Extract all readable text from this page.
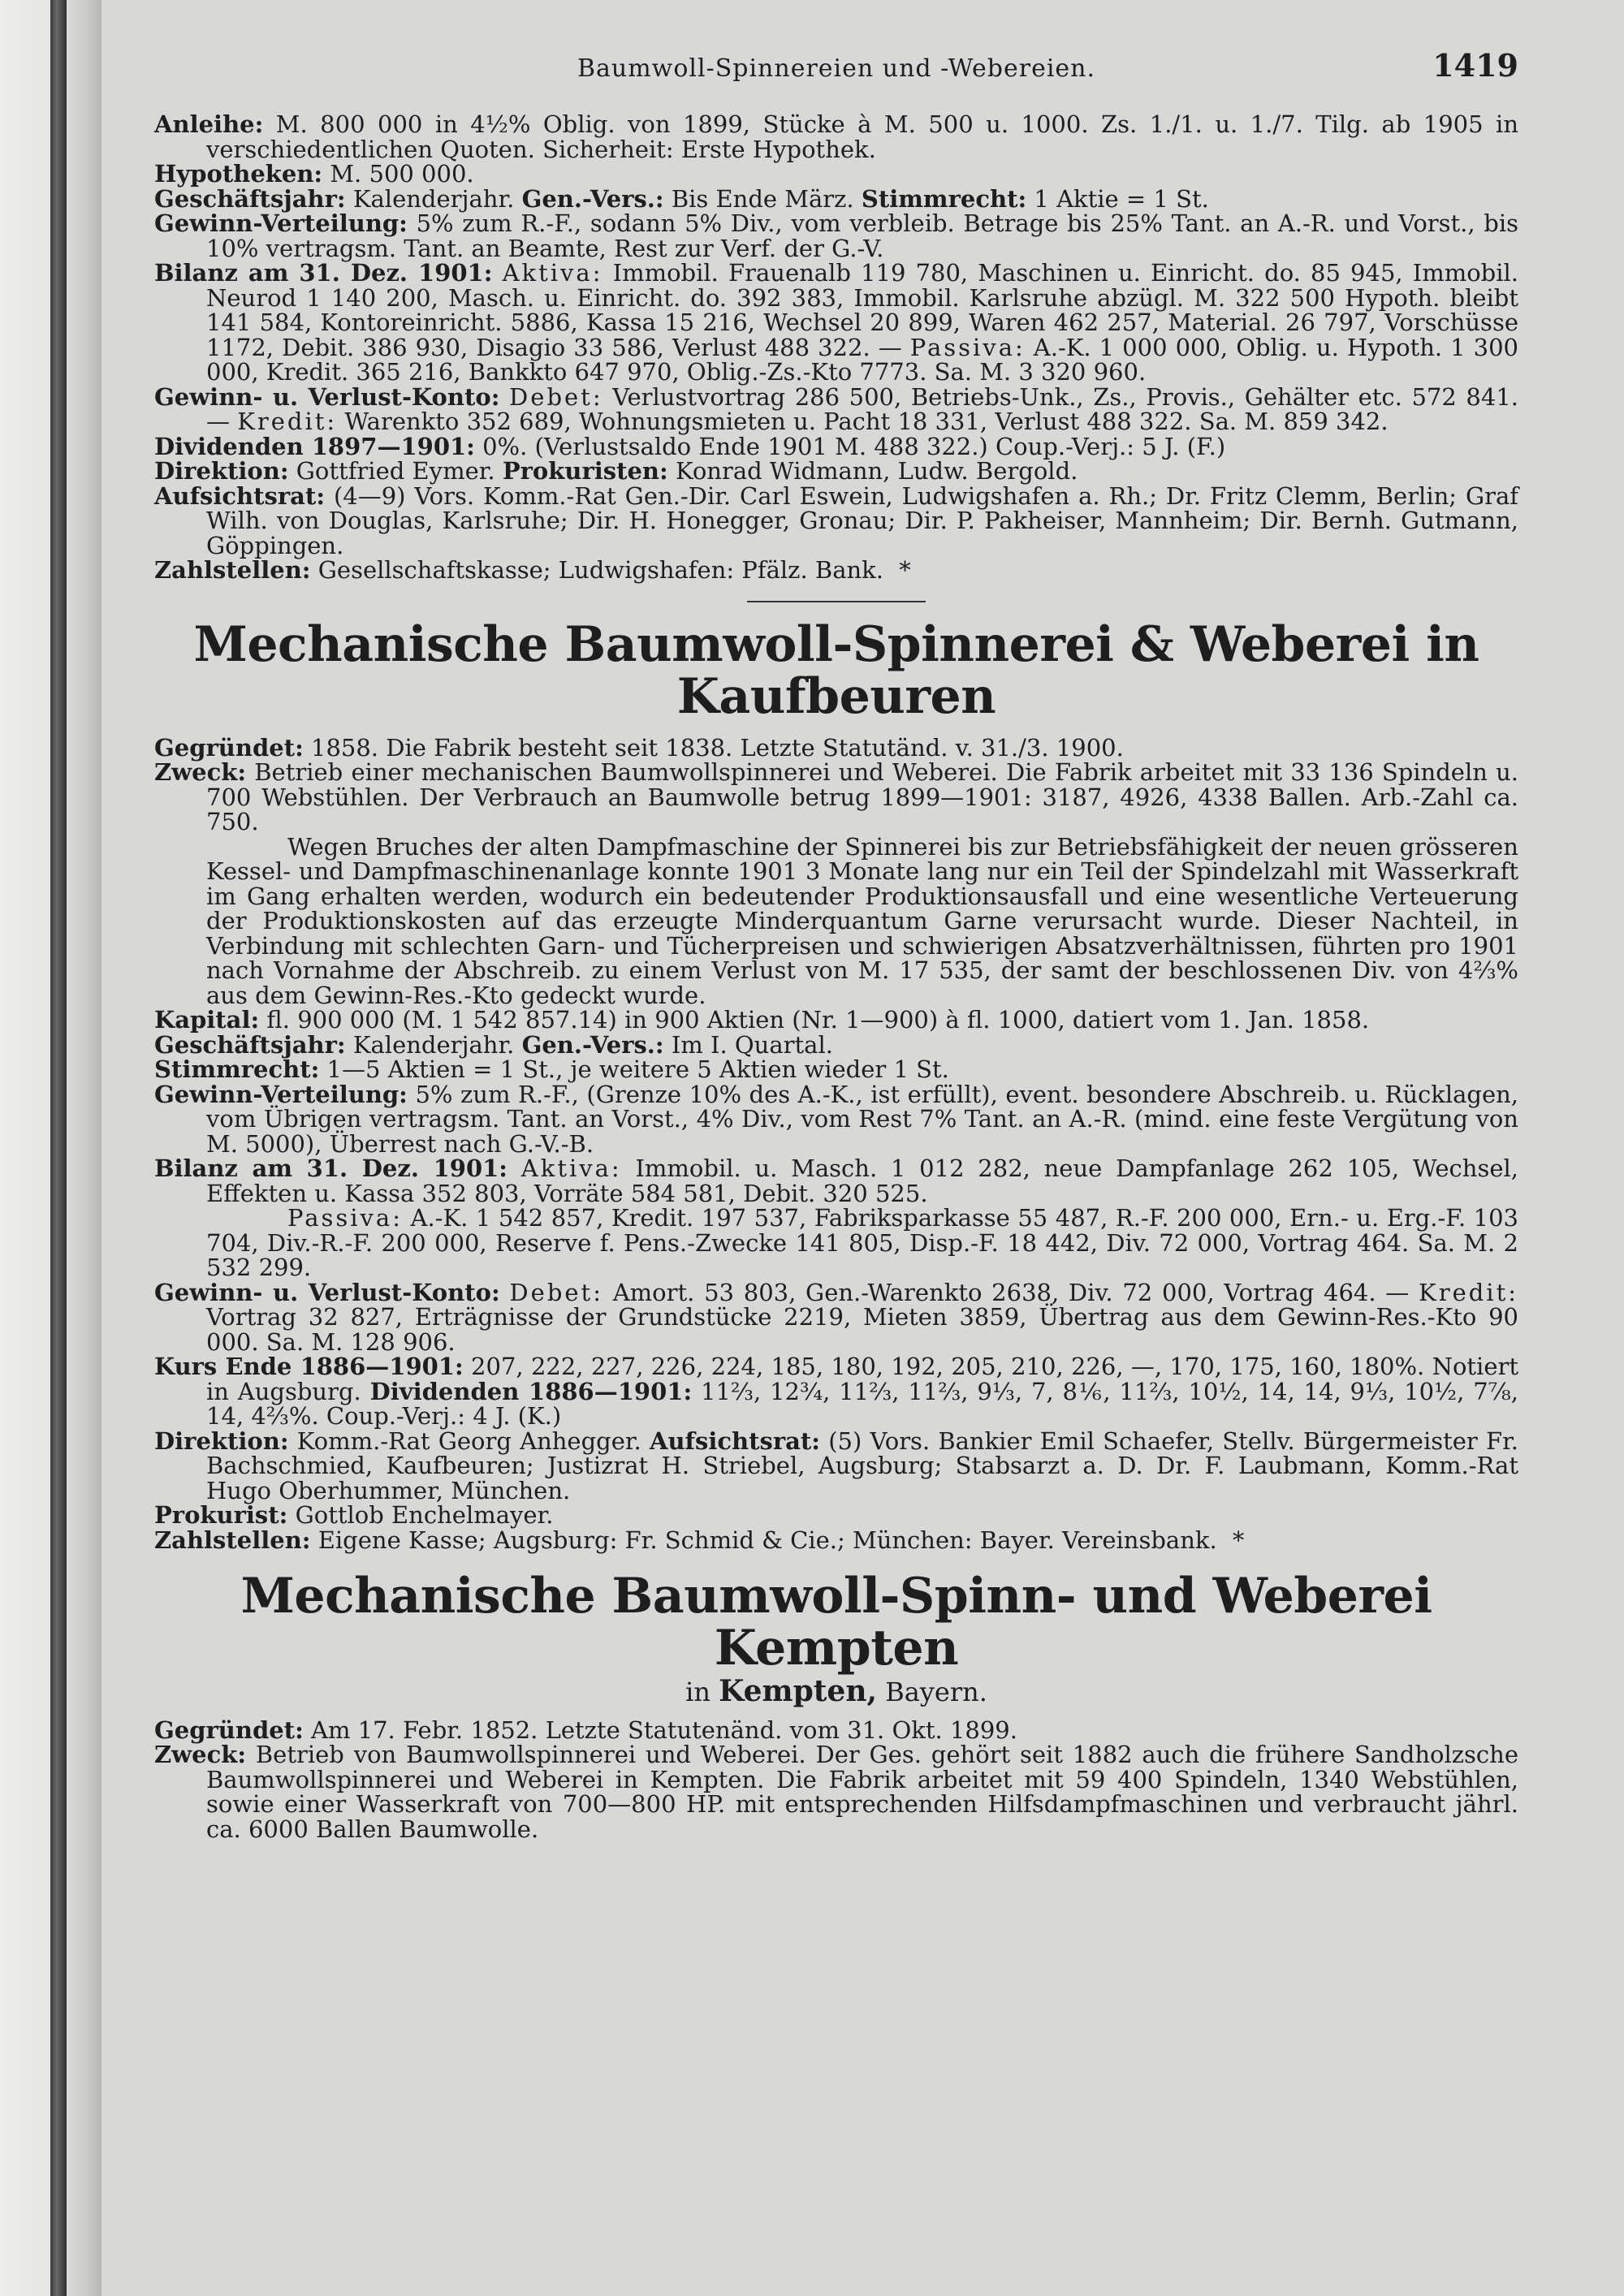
Baumwoll-Spinnereien und -Webereien.	1419

Anleihe: M. 800 000 in 4½% Oblig. von 1899, Stücke à M. 500 u. 1000. Zs. 1./1. u. 1./7. Tilg. ab 1905 in verschiedentlichen Quoten. Sicherheit: Erste Hypothek.

Hypotheken: M. 500 000.

Geschäftsjahr: Kalenderjahr. Gen.-Vers.: Bis Ende März. Stimmrecht: 1 Aktie = 1 St.

Gewinn-Verteilung: 5% zum R.-F., sodann 5% Div., vom verbleib. Betrage bis 25% Tant. an A.-R. und Vorst., bis 10% vertragsm. Tant. an Beamte, Rest zur Verf. der G.-V.

Bilanz am 31. Dez. 1901: Aktiva: Immobil. Frauenalb 119 780, Maschinen u. Einricht. do. 85 945, Immobil. Neurod 1 140 200, Masch. u. Einricht. do. 392 383, Immobil. Karlsruhe abzügl. M. 322 500 Hypoth. bleibt 141 584, Kontoreinricht. 5886, Kassa 15 216, Wechsel 20 899, Waren 462 257, Material. 26 797, Vorschüsse 1172, Debit. 386 930, Disagio 33 586, Verlust 488 322. — Passiva: A.-K. 1 000 000, Oblig. u. Hypoth. 1 300 000, Kredit. 365 216, Bankkto 647 970, Oblig.-Zs.-Kto 7773. Sa. M. 3 320 960.

Gewinn- u. Verlust-Konto: Debet: Verlustvortrag 286 500, Betriebs-Unk., Zs., Provis., Gehälter etc. 572 841. — Kredit: Warenkto 352 689, Wohnungsmieten u. Pacht 18 331, Verlust 488 322. Sa. M. 859 342.

Dividenden 1897—1901: 0%. (Verlustsaldo Ende 1901 M. 488 322.) Coup.-Verj.: 5 J. (F.)

Direktion: Gottfried Eymer. Prokuristen: Konrad Widmann, Ludw. Bergold.

Aufsichtsrat: (4—9) Vors. Komm.-Rat Gen.-Dir. Carl Eswein, Ludwigshafen a. Rh.; Dr. Fritz Clemm, Berlin; Graf Wilh. von Douglas, Karlsruhe; Dir. H. Honegger, Gronau; Dir. P. Pakheiser, Mannheim; Dir. Bernh. Gutmann, Göppingen.

Zahlstellen: Gesellschaftskasse; Ludwigshafen: Pfälz. Bank. *

Mechanische Baumwoll-Spinnerei & Weberei in Kaufbeuren

Gegründet: 1858. Die Fabrik besteht seit 1838. Letzte Statutänd. v. 31./3. 1900.

Zweck: Betrieb einer mechanischen Baumwollspinnerei und Weberei. Die Fabrik arbeitet mit 33 136 Spindeln u. 700 Webstühlen. Der Verbrauch an Baumwolle betrug 1899—1901: 3187, 4926, 4338 Ballen. Arb.-Zahl ca. 750.

Wegen Bruches der alten Dampfmaschine der Spinnerei bis zur Betriebsfähigkeit der neuen grösseren Kessel- und Dampfmaschinenanlage konnte 1901 3 Monate lang nur ein Teil der Spindelzahl mit Wasserkraft im Gang erhalten werden, wodurch ein bedeutender Produktionsausfall und eine wesentliche Verteuerung der Produktionskosten auf das erzeugte Minderquantum Garne verursacht wurde. Dieser Nachteil, in Verbindung mit schlechten Garn- und Tücherpreisen und schwierigen Absatzverhältnissen, führten pro 1901 nach Vornahme der Abschreib. zu einem Verlust von M. 17 535, der samt der beschlossenen Div. von 4⅔% aus dem Gewinn-Res.-Kto gedeckt wurde.

Kapital: fl. 900 000 (M. 1 542 857.14) in 900 Aktien (Nr. 1—900) à fl. 1000, datiert vom 1. Jan. 1858.

Geschäftsjahr: Kalenderjahr. Gen.-Vers.: Im I. Quartal.

Stimmrecht: 1—5 Aktien = 1 St., je weitere 5 Aktien wieder 1 St.

Gewinn-Verteilung: 5% zum R.-F., (Grenze 10% des A.-K., ist erfüllt), event. besondere Abschreib. u. Rücklagen, vom Übrigen vertragsm. Tant. an Vorst., 4% Div., vom Rest 7% Tant. an A.-R. (mind. eine feste Vergütung von M. 5000), Überrest nach G.-V.-B.

Bilanz am 31. Dez. 1901: Aktiva: Immobil. u. Masch. 1 012 282, neue Dampfanlage 262 105, Wechsel, Effekten u. Kassa 352 803, Vorräte 584 581, Debit. 320 525.

Passiva: A.-K. 1 542 857, Kredit. 197 537, Fabriksparkasse 55 487, R.-F. 200 000, Ern.- u. Erg.-F. 103 704, Div.-R.-F. 200 000, Reserve f. Pens.-Zwecke 141 805, Disp.-F. 18 442, Div. 72 000, Vortrag 464. Sa. M. 2 532 299.

Gewinn- u. Verlust-Konto: Debet: Amort. 53 803, Gen.-Warenkto 2638, Div. 72 000, Vortrag 464. — Kredit: Vortrag 32 827, Erträgnisse der Grundstücke 2219, Mieten 3859, Übertrag aus dem Gewinn-Res.-Kto 90 000. Sa. M. 128 906.

Kurs Ende 1886—1901: 207, 222, 227, 226, 224, 185, 180, 192, 205, 210, 226, —, 170, 175, 160, 180%. Notiert in Augsburg. Dividenden 1886—1901: 11⅔, 12¾, 11⅔, 11⅔, 9⅓, 7, 8⅙, 11⅔, 10½, 14, 14, 9⅓, 10½, 7⅞, 14, 4⅔%. Coup.-Verj.: 4 J. (K.)

Direktion: Komm.-Rat Georg Anhegger. Aufsichtsrat: (5) Vors. Bankier Emil Schaefer, Stellv. Bürgermeister Fr. Bachschmied, Kaufbeuren; Justizrat H. Striebel, Augsburg; Stabsarzt a. D. Dr. F. Laubmann, Komm.-Rat Hugo Oberhummer, München.

Prokurist: Gottlob Enchelmayer.

Zahlstellen: Eigene Kasse; Augsburg: Fr. Schmid & Cie.; München: Bayer. Vereinsbank. *

Mechanische Baumwoll-Spinn- und Weberei Kempten
in Kempten, Bayern.

Gegründet: Am 17. Febr. 1852. Letzte Statutenänd. vom 31. Okt. 1899.

Zweck: Betrieb von Baumwollspinnerei und Weberei. Der Ges. gehört seit 1882 auch die frühere Sandholzsche Baumwollspinnerei und Weberei in Kempten. Die Fabrik arbeitet mit 59 400 Spindeln, 1340 Webstühlen, sowie einer Wasserkraft von 700—800 HP. mit entsprechenden Hilfsdampfmaschinen und verbraucht jährl. ca. 6000 Ballen Baumwolle.
